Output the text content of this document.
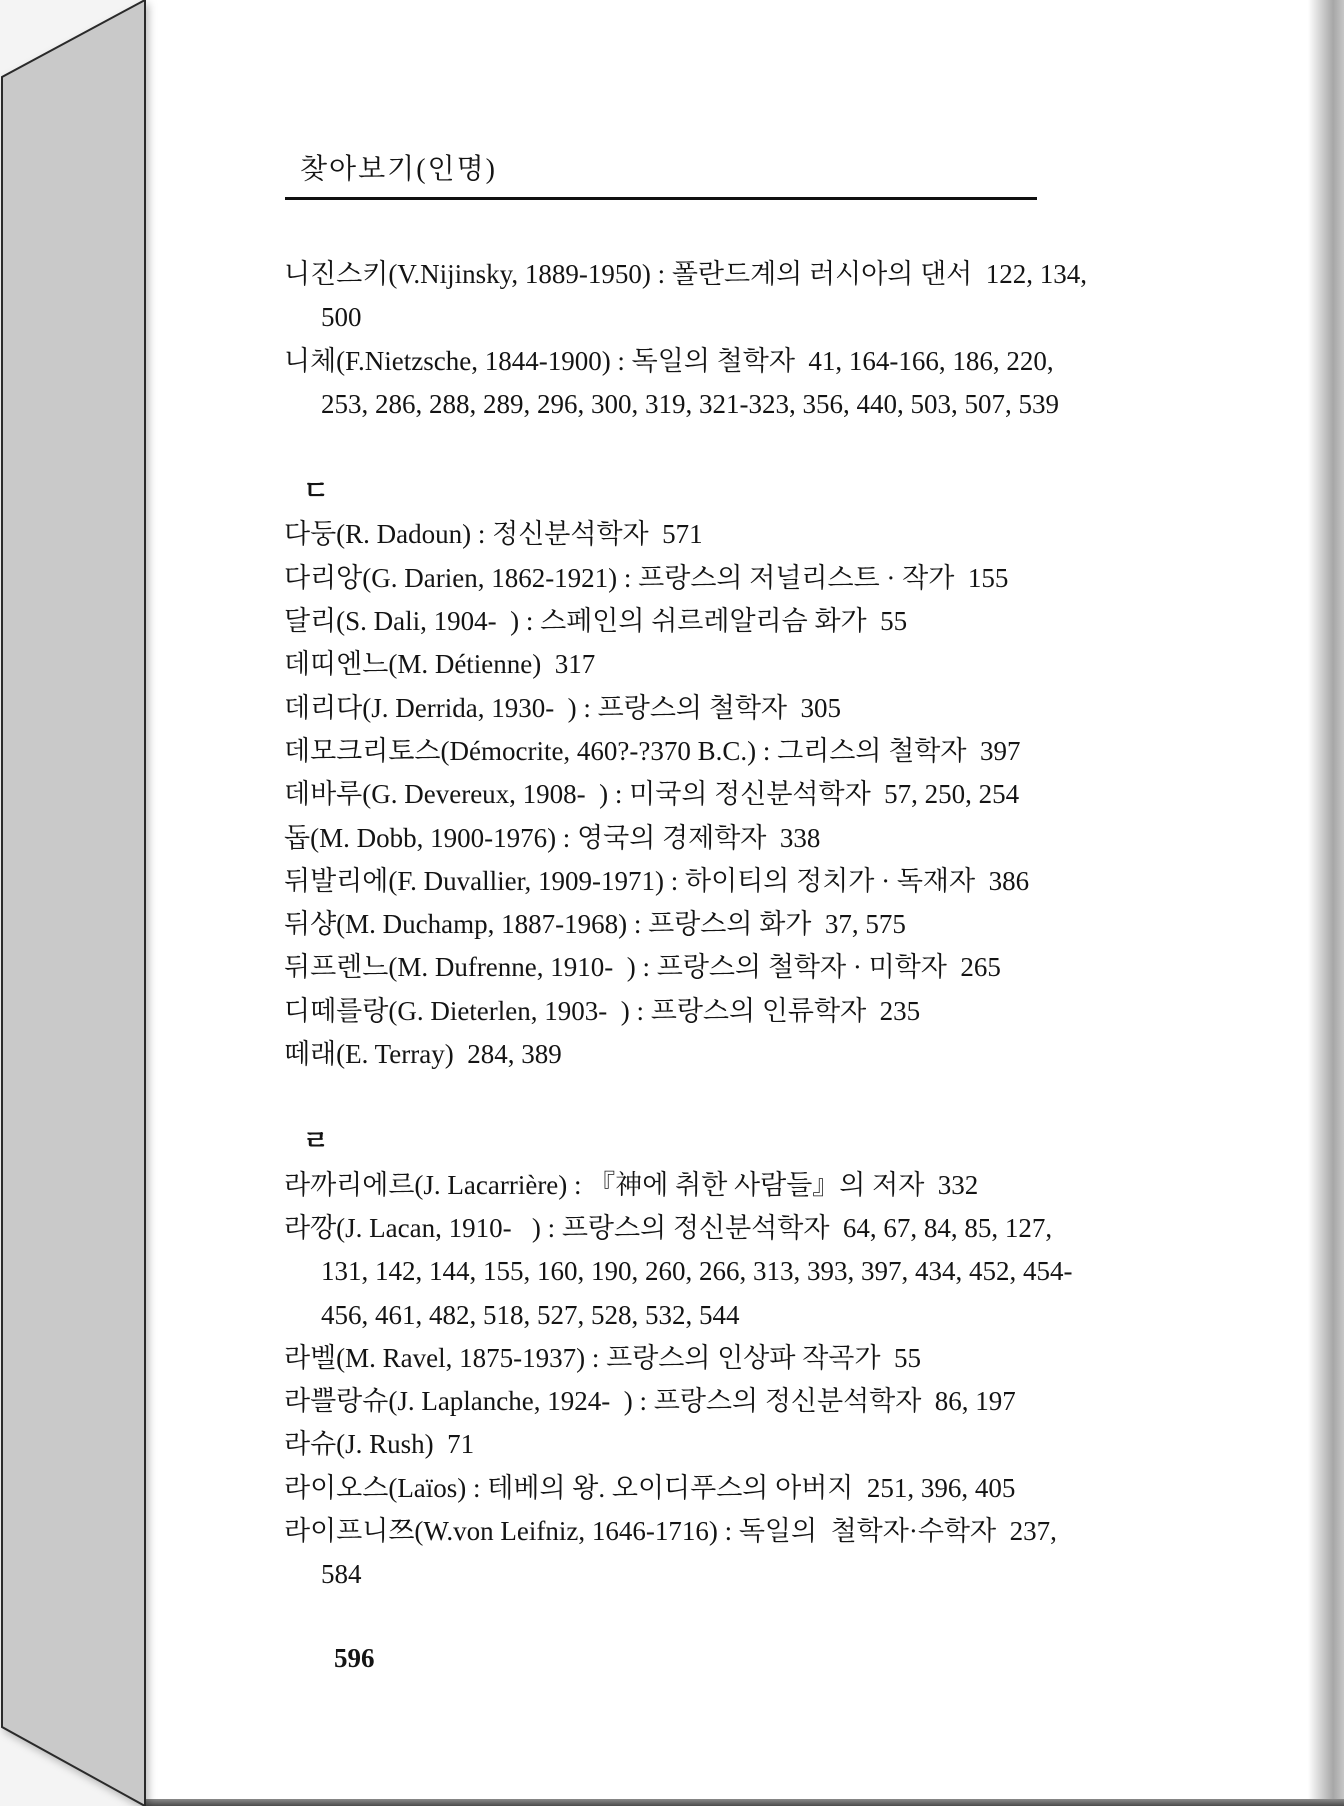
찾아보기(인명)
니진스키(V.Nijinsky, 1889-1950) : 폴란드계의 러시아의 댄서  122, 134,
500
니체(F.Nietzsche, 1844-1900) : 독일의 철학자  41, 164-166, 186, 220,
253, 286, 288, 289, 296, 300, 319, 321-323, 356, 440, 503, 507, 539
ㄷ
다둥(R. Dadoun) : 정신분석학자  571
다리앙(G. Darien, 1862-1921) : 프랑스의 저널리스트 · 작가  155
달리(S. Dali, 1904-  ) : 스페인의 쉬르레알리슴 화가  55
데띠엔느(M. Détienne)  317
데리다(J. Derrida, 1930-  ) : 프랑스의 철학자  305
데모크리토스(Démocrite, 460?-?370 B.C.) : 그리스의 철학자  397
데바루(G. Devereux, 1908-  ) : 미국의 정신분석학자  57, 250, 254
돕(M. Dobb, 1900-1976) : 영국의 경제학자  338
뒤발리에(F. Duvallier, 1909-1971) : 하이티의 정치가 · 독재자  386
뒤샹(M. Duchamp, 1887-1968) : 프랑스의 화가  37, 575
뒤프렌느(M. Dufrenne, 1910-  ) : 프랑스의 철학자 · 미학자  265
디떼를랑(G. Dieterlen, 1903-  ) : 프랑스의 인류학자  235
떼래(E. Terray)  284, 389
ㄹ
라까리에르(J. Lacarrière) : 『神에 취한 사람들』의 저자  332
라깡(J. Lacan, 1910-   ) : 프랑스의 정신분석학자  64, 67, 84, 85, 127,
131, 142, 144, 155, 160, 190, 260, 266, 313, 393, 397, 434, 452, 454-
456, 461, 482, 518, 527, 528, 532, 544
라벨(M. Ravel, 1875-1937) : 프랑스의 인상파 작곡가  55
라쁠랑슈(J. Laplanche, 1924-  ) : 프랑스의 정신분석학자  86, 197
라슈(J. Rush)  71
라이오스(Laïos) : 테베의 왕. 오이디푸스의 아버지  251, 396, 405
라이프니쯔(W.von Leifniz, 1646-1716) : 독일의  철학자·수학자  237,
584
596
